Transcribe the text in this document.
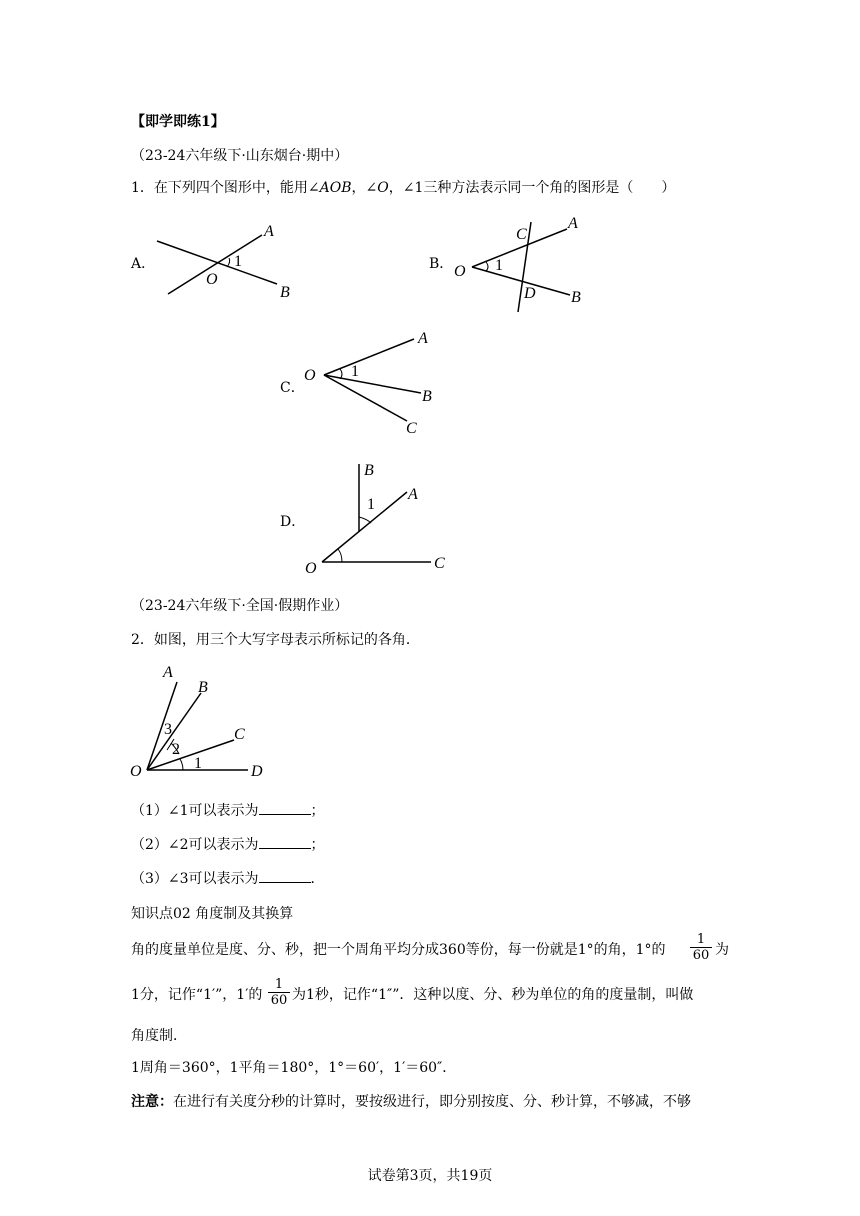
【即学即练1】
（23-24六年级下·山东烟台·期中）
1．在下列四个图形中，能用∠AOB，∠O，∠1三种方法表示同一个角的图形是（　　）
A．
A
O
1
B
B．
C
A
O 1
D B
C．
A
O 1
B
C
D．
B
1
A
O	C
（23-24六年级下·全国·假期作业）
2．如图，用三个大写字母表示所标记的各角．
A
B
3	C
2
1
O	D
（1）∠1可以表示为	；
（2）∠2可以表示为	；
（3）∠3可以表示为	．
知识点02 角度制及其换算
角的度量单位是度、分、秒，把一个周角平均分成360等份，每一份就是1°的角，1°的 $\frac{1}{60}$ 为
1分，记作“1′”，1′的 $\frac{1}{60}$ 为1秒，记作“1″”．这种以度、分、秒为单位的角的度量制，叫做
角度制．
1周角＝360°，1平角＝180°，1°＝60′，1′＝60″．
注意：在进行有关度分秒的计算时，要按级进行，即分别按度、分、秒计算，不够减，不够
试卷第3页，共19页
